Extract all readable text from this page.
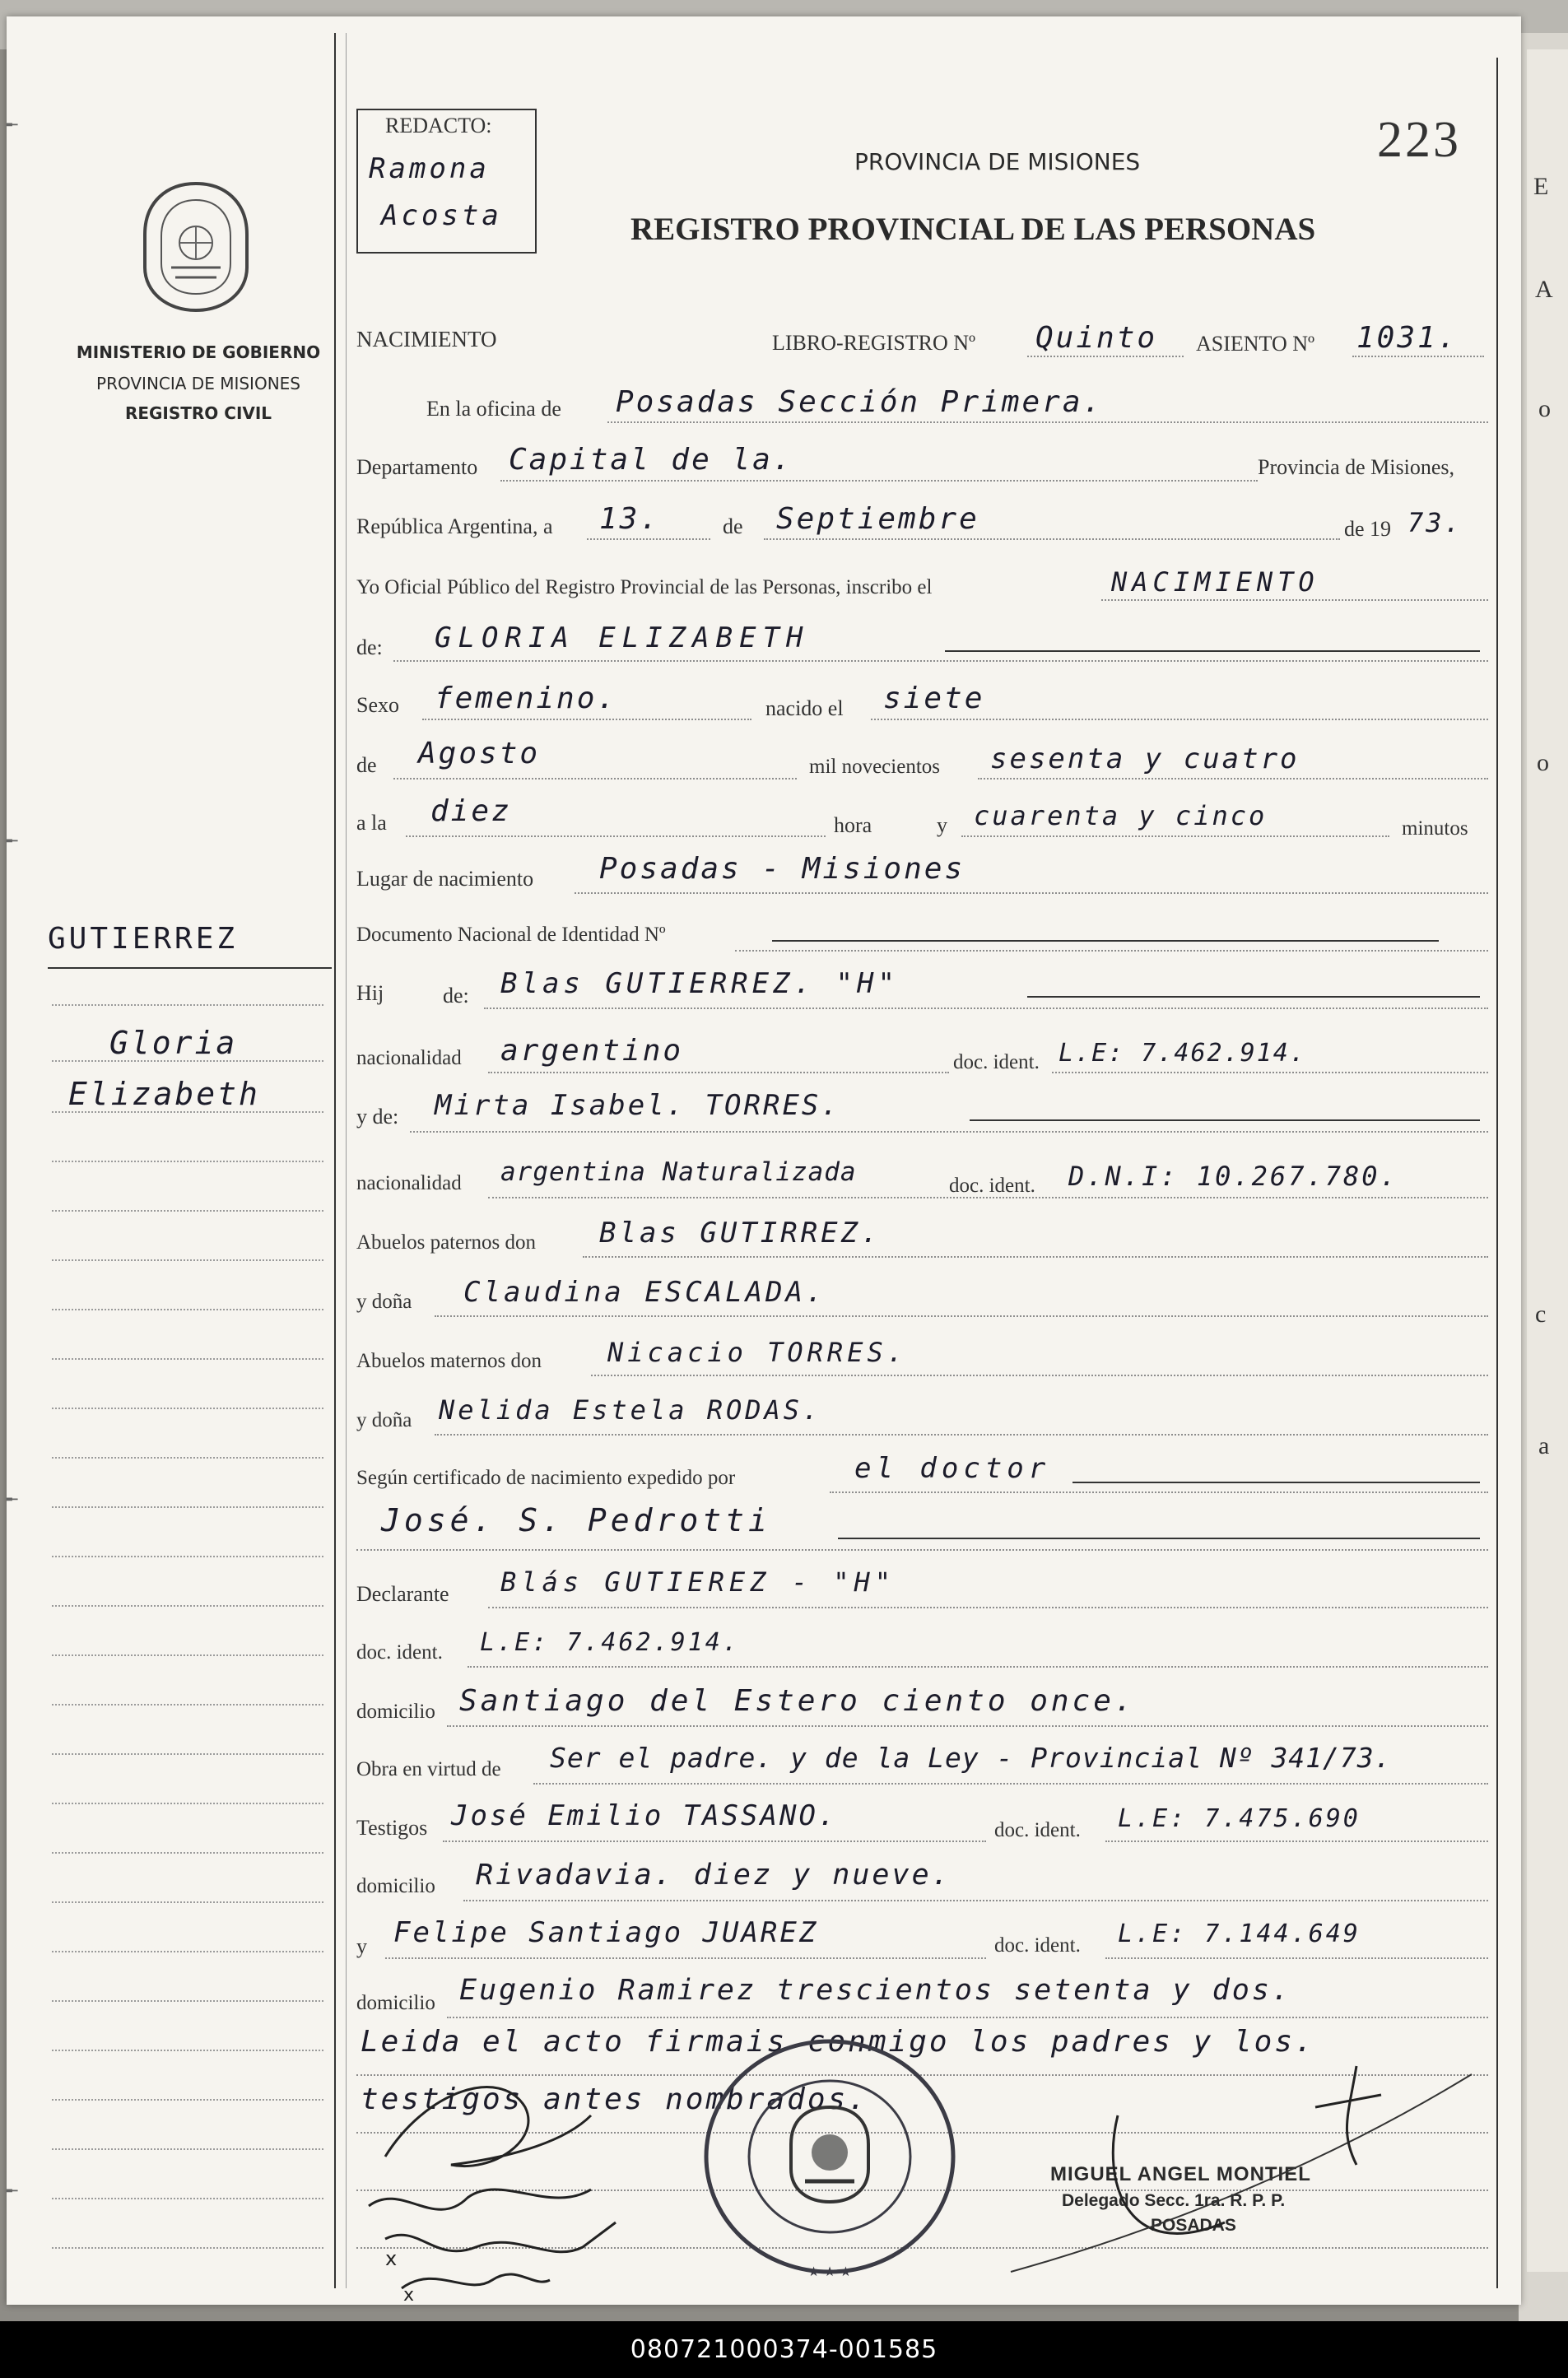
E
A
o
o
c
a
╾
╾
╾
╾
MINISTERIO DE GOBIERNO
PROVINCIA DE MISIONES
REGISTRO CIVIL
REDACTO:
Ramona
Acosta
223
PROVINCIA DE MISIONES
REGISTRO PROVINCIAL DE LAS PERSONAS
NACIMIENTO	LIBRO-REGISTRO Nº Quinto ASIENTO Nº 1031.
En la oficina de Posadas Sección Primera.
Departamento Capital de la.	Provincia de Misiones,
República Argentina, a 13.	de Septiembre	de 19 73.
Yo Oficial Público del Registro Provincial de las Personas, inscribo el	NACIMIENTO
de: GLORIA ELIZABETH
Sexo femenino.	nacido el siete
de Agosto	mil novecientos sesenta y cuatro
a la diez	hora	y cuarenta y cinco	minutos
Lugar de nacimiento Posadas - Misiones
Documento Nacional de Identidad Nº
Hij	de: Blas GUTIERREZ. "H"
nacionalidad argentino	doc. ident. L.E: 7.462.914.
y de: Mirta Isabel. TORRES.
nacionalidad argentina Naturalizada	doc. ident. D.N.I: 10.267.780.
Abuelos paternos don Blas GUTIRREZ.
y doña Claudina ESCALADA.
Abuelos maternos don	Nicacio TORRES.
y doña Nelida Estela RODAS.
Según certificado de nacimiento expedido por	el doctor
José. S. Pedrotti
Declarante Blás GUTIEREZ - "H"
doc. ident. L.E: 7.462.914.
domicilio Santiago del Estero ciento once.
Obra en virtud de Ser el padre. y de la Ley - Provincial Nº 341/73.
Testigos José Emilio TASSANO.	doc. ident. L.E: 7.475.690
domicilio Rivadavia. diez y nueve.
y Felipe Santiago JUAREZ	doc. ident. L.E: 7.144.649
domicilio Eugenio Ramirez trescientos setenta y dos.
Leida el acto firmais conmigo los padres y los.
testigos antes nombrados.
★ ★ ★
MIGUEL ANGEL MONTIEL
Delegado Secc. 1ra. R. P. P.
POSADAS
x
x
GUTIERREZ
Gloria
Elizabeth
080721000374-001585
